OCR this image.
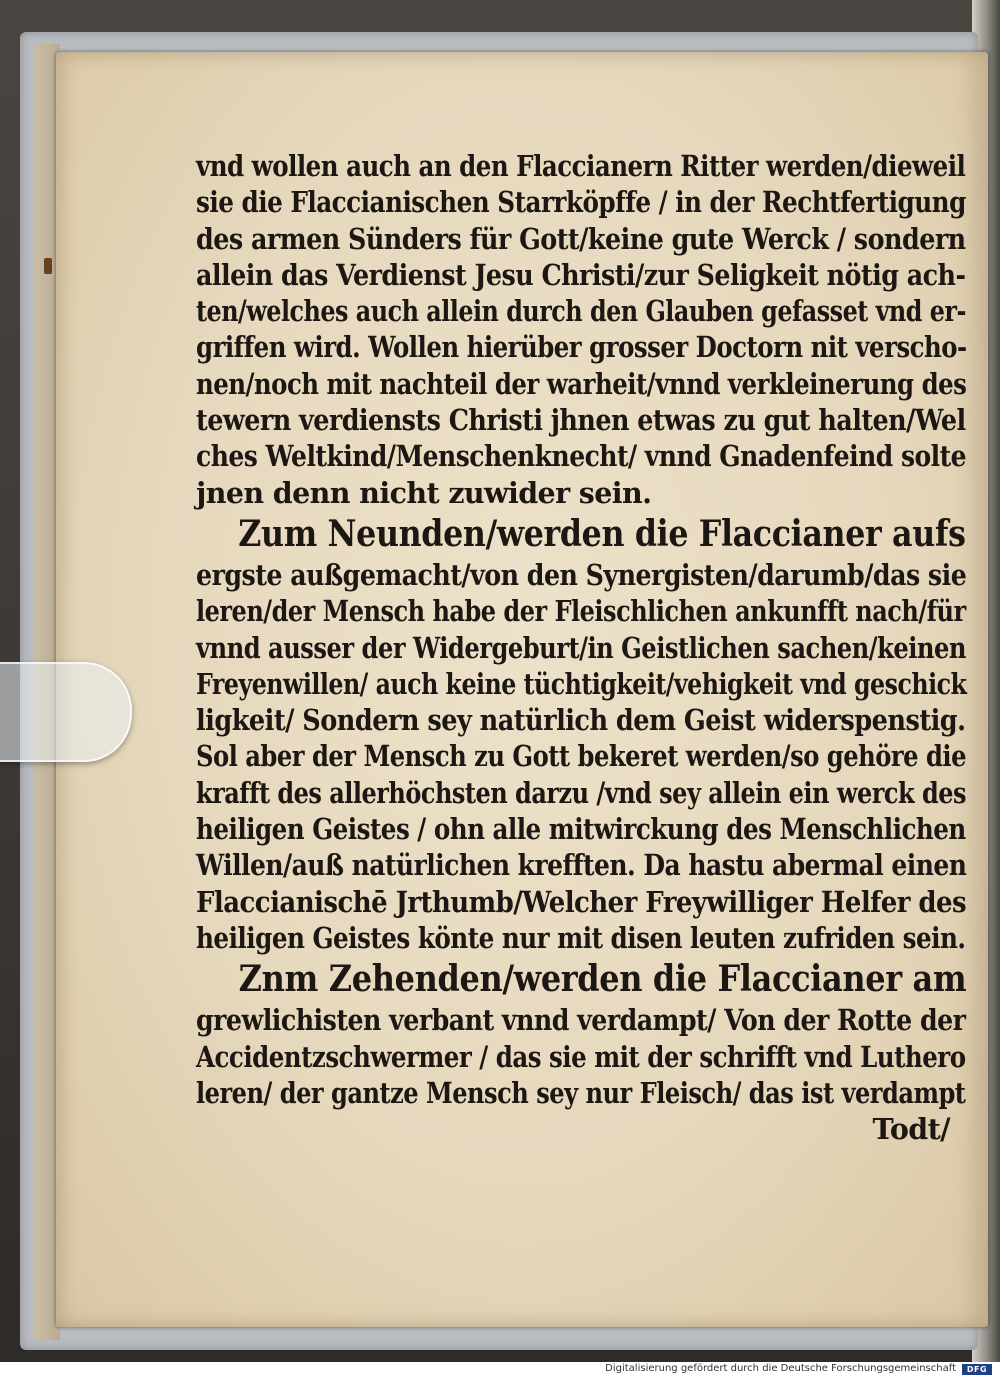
vnd wollen auch an den Flaccianern Ritter werden/dieweil
sie die Flaccianischen Starrköpffe / in der Rechtfertigung
des armen Sünders für Gott/keine gute Werck / sondern
allein das Verdienst Jesu Christi/zur Seligkeit nötig ach-
ten/welches auch allein durch den Glauben gefasset vnd er-
griffen wird. Wollen hierüber grosser Doctorn nit verscho-
nen/noch mit nachteil der warheit/vnnd verkleinerung des
tewern verdiensts Christi jhnen etwas zu gut halten/Wel
ches Weltkind/Menschenknecht/ vnnd Gnadenfeind solte
jnen denn nicht zuwider sein.
Zum Neunden/werden die Flaccianer aufs
ergste außgemacht/von den Synergisten/darumb/das sie
leren/der Mensch habe der Fleischlichen ankunfft nach/für
vnnd ausser der Widergeburt/in Geistlichen sachen/keinen
Freyenwillen/ auch keine tüchtigkeit/vehigkeit vnd geschick
ligkeit/ Sondern sey natürlich dem Geist widerspenstig.
Sol aber der Mensch zu Gott bekeret werden/so gehöre die
krafft des allerhöchsten darzu /vnd sey allein ein werck des
heiligen Geistes / ohn alle mitwirckung des Menschlichen
Willen/auß natürlichen krefften. Da hastu abermal einen
Flaccianischē Jrthumb/Welcher Freywilliger Helfer des
heiligen Geistes könte nur mit disen leuten zufriden sein.
Znm Zehenden/werden die Flaccianer am
grewlichisten verbant vnnd verdampt/ Von der Rotte der
Accidentzschwermer / das sie mit der schrifft vnd Luthero
leren/ der gantze Mensch sey nur Fleisch/ das ist verdampt
Todt/
Digitalisierung gefördert durch die Deutsche Forschungsgemeinschaft	DFG
